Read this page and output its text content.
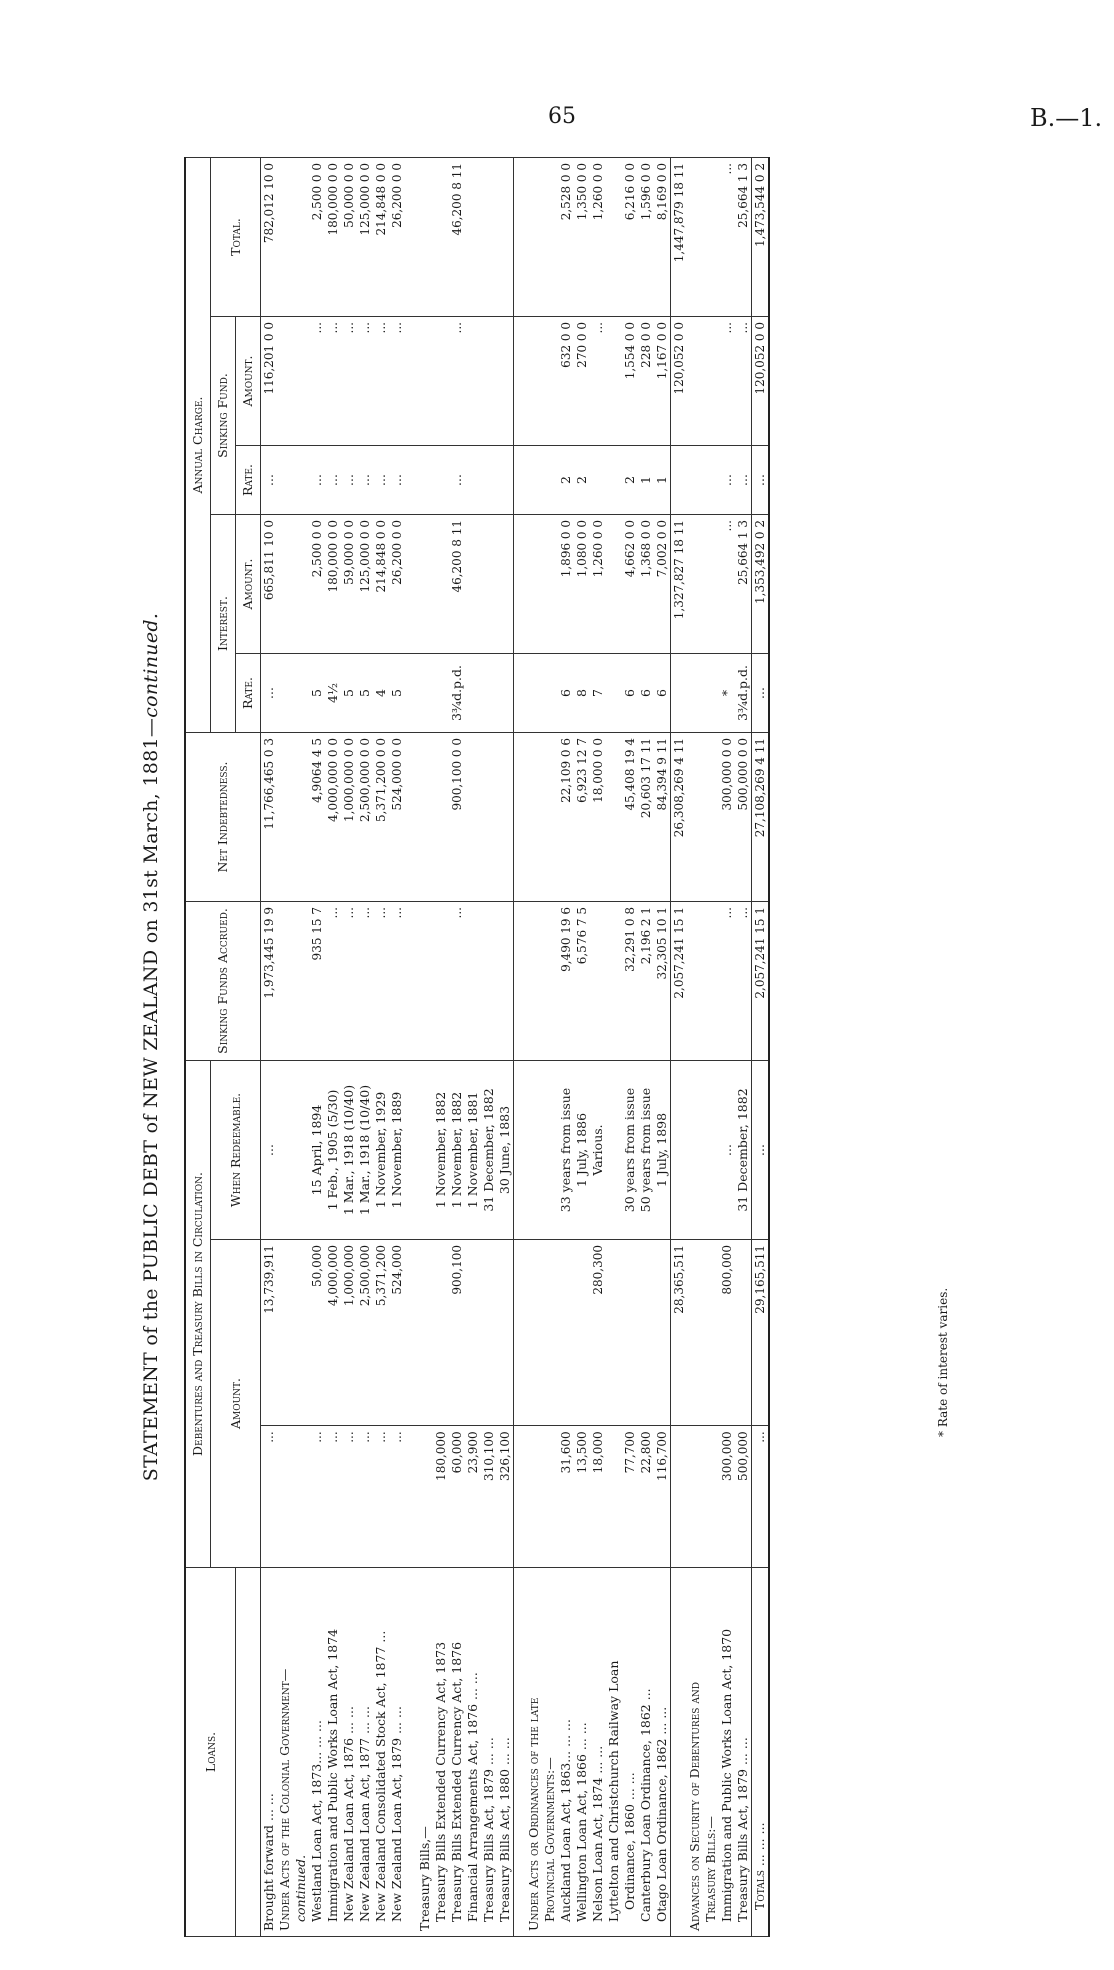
65	B.—1.
STATEMENT of the PUBLIC DEBT of NEW ZEALAND on 31st March, 1881—continued.
Loans.	Debentures and Treasury Bills in Circulation.			Sinking Funds Accrued.	Net Indebtedness.	Annual Charge.				
	Amount.		When Redeemable.			Interest.		Sinking Fund.		Total.
						Rate.	Amount.	Rate.	Amount.	
Brought forward ... ...	...	13,739,911	...	1,973,445 19 9	11,766,465 0 3	...	665,811 10 0	...	116,201 0 0	782,012 10 0
Under Acts of the Colonial Government—										
continued.										
Westland Loan Act, 1873... ... ...	...	50,000	15 April, 1894	935 15 7	4,9064 4 5	5	2,500 0 0	...	...	2,500 0 0
Immigration and Public Works Loan Act, 1874	...	4,000,000	1 Feb., 1905 (5/30)	...	4,000,000 0 0	4½	180,000 0 0	...	...	180,000 0 0
New Zealand Loan Act, 1876 ... ...	...	1,000,000	1 Mar., 1918 (10/40)	...	1,000,000 0 0	5	59,000 0 0	...	...	50,000 0 0
New Zealand Loan Act, 1877 ... ...	...	2,500,000	1 Mar., 1918 (10/40)	...	2,500,000 0 0	5	125,000 0 0	...	...	125,000 0 0
New Zealand Consolidated Stock Act, 1877 ...	...	5,371,200	1 November, 1929	...	5,371,200 0 0	4	214,848 0 0	...	...	214,848 0 0
New Zealand Loan Act, 1879 ... ...	...	524,000	1 November, 1889	...	524,000 0 0	5	26,200 0 0	...	...	26,200 0 0

Treasury Bills,—										
Treasury Bills Extended Currency Act, 1873	180,000		1 November, 1882							
Treasury Bills Extended Currency Act, 1876	60,000	900,100	1 November, 1882	...	900,100 0 0	3¾d.p.d.	46,200 8 11	...	...	46,200 8 11
Financial Arrangements Act, 1876 ... ...	23,900		1 November, 1881							
Treasury Bills Act, 1879 ... ...	310,100		31 December, 1882							
Treasury Bills Act, 1880 ... ...	326,100		30 June, 1883							

Under Acts or Ordinances of the late										
Provincial Governments:—										
Auckland Loan Act, 1863... ... ...	31,600		33 years from issue	9,490 19 6	22,109 0 6	6	1,896 0 0	2	632 0 0	2,528 0 0
Wellington Loan Act, 1866 ... ...	13,500		1 July, 1886	6,576 7 5	6,923 12 7	8	1,080 0 0	2	270 0 0	1,350 0 0
Nelson Loan Act, 1874 ... ...	18,000	280,300	Various.		18,000 0 0	7	1,260 0 0		...	1,260 0 0
Lyttelton and Christchurch Railway Loan										
Ordinance, 1860 ... ...	77,700		30 years from issue	32,291 0 8	45,408 19 4	6	4,662 0 0	2	1,554 0 0	6,216 0 0
Canterbury Loan Ordinance, 1862 ...	22,800		50 years from issue	2,196 2 1	20,603 17 11	6	1,368 0 0	1	228 0 0	1,596 0 0
Otago Loan Ordinance, 1862 ... ...	116,700		1 July, 1898	32,305 10 1	84,394 9 11	6	7,002 0 0	1	1,167 0 0	8,169 0 0
		28,365,511		2,057,241 15 1	26,308,269 4 11		1,327,827 18 11		120,052 0 0	1,447,879 18 11
Advances on Security of Debentures and										
Treasury Bills:—										
Immigration and Public Works Loan Act, 1870	300,000	800,000	...	...	300,000 0 0	*	...	...	...	...
Treasury Bills Act, 1879 ... ...	500,000		31 December, 1882	...	500,000 0 0	3¾d.p.d.	25,664 1 3	...	...	25,664 1 3
Totals ... ... ...	...	29,165,511	...	2,057,241 15 1	27,108,269 4 11	...	1,353,492 0 2	...	120,052 0 0	1,473,544 0 2
* Rate of interest varies.
